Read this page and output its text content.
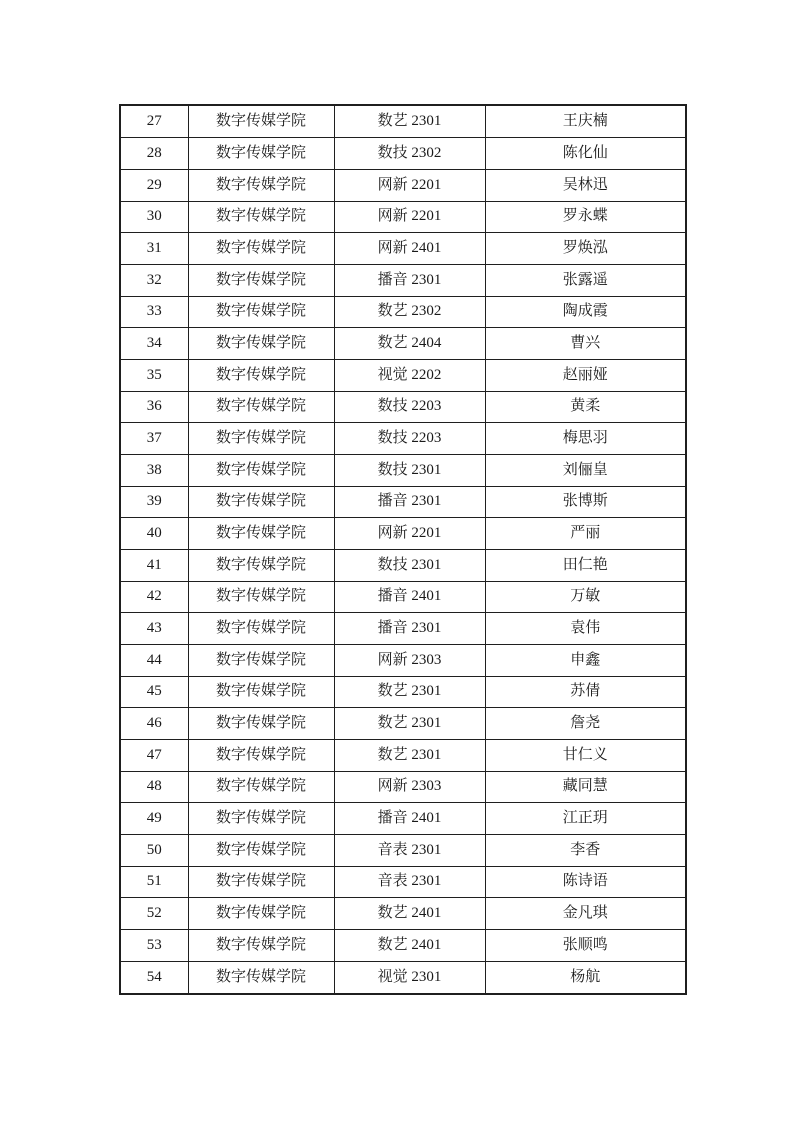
27	数字传媒学院	数艺 2301	王庆楠
28	数字传媒学院	数技 2302	陈化仙
29	数字传媒学院	网新 2201	吴林迅
30	数字传媒学院	网新 2201	罗永蝶
31	数字传媒学院	网新 2401	罗焕泓
32	数字传媒学院	播音 2301	张露遥
33	数字传媒学院	数艺 2302	陶成霞
34	数字传媒学院	数艺 2404	曹兴
35	数字传媒学院	视觉 2202	赵丽娅
36	数字传媒学院	数技 2203	黄柔
37	数字传媒学院	数技 2203	梅思羽
38	数字传媒学院	数技 2301	刘俪皇
39	数字传媒学院	播音 2301	张博斯
40	数字传媒学院	网新 2201	严丽
41	数字传媒学院	数技 2301	田仁艳
42	数字传媒学院	播音 2401	万敏
43	数字传媒学院	播音 2301	袁伟
44	数字传媒学院	网新 2303	申鑫
45	数字传媒学院	数艺 2301	苏倩
46	数字传媒学院	数艺 2301	詹尧
47	数字传媒学院	数艺 2301	甘仁义
48	数字传媒学院	网新 2303	藏同慧
49	数字传媒学院	播音 2401	江正玥
50	数字传媒学院	音表 2301	李香
51	数字传媒学院	音表 2301	陈诗语
52	数字传媒学院	数艺 2401	金凡琪
53	数字传媒学院	数艺 2401	张顺鸣
54	数字传媒学院	视觉 2301	杨航
